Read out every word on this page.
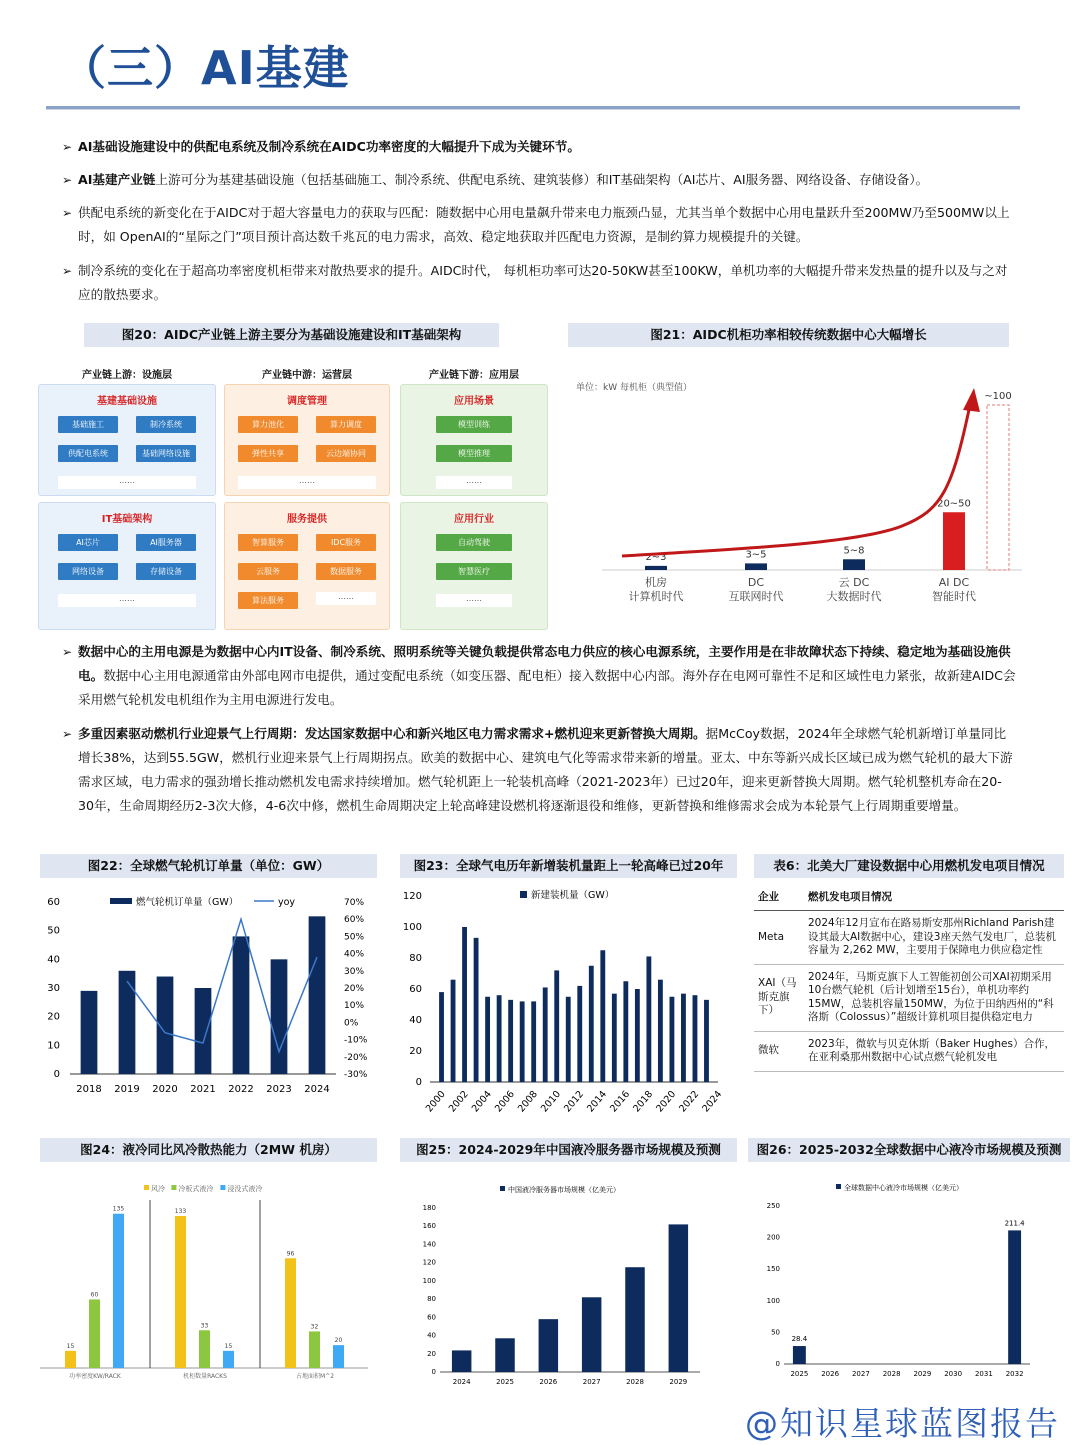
（三）AI基建
➢ AI基础设施建设中的供配电系统及制冷系统在AIDC功率密度的大幅提升下成为关键环节。
➢ AI基建产业链上游可分为基建基础设施（包括基础施工、制冷系统、供配电系统、建筑装修）和IT基础架构（AI芯片、AI服务器、网络设备、存储设备）。
➢ 供配电系统的新变化在于AIDC对于超大容量电力的获取与匹配：随数据中心用电量飙升带来电力瓶颈凸显，尤其当单个数据中心用电量跃升至200MW乃至500MW以上时，如 OpenAI的“星际之门”项目预计高达数千兆瓦的电力需求，高效、稳定地获取并匹配电力资源，是制约算力规模提升的关键。
➢ 制冷系统的变化在于超高功率密度机柜带来对散热要求的提升。AIDC时代， 每机柜功率可达20-50KW甚至100KW，单机功率的大幅提升带来发热量的提升以及与之对应的散热要求。
图20：AIDC产业链上游主要分为基础设施建设和IT基础架构
产业链上游：设施层
基建基础设施
基础施工	制冷系统
供配电系统	基础网络设施
……
IT基础架构
AI芯片	AI服务器
网络设备	存储设备
……
产业链中游：运营层
调度管理
算力池化	算力调度
弹性共享	云边端协同
……
服务提供
智算服务	IDC服务
云服务	数据服务
算法服务	……
产业链下游：应用层
应用场景
模型训练
模型推理
……
应用行业
自动驾驶
智慧医疗
……
图21：AIDC机柜功率相较传统数据中心大幅增长
单位：kW 每机柜（典型值）
2~3
机房
计算机时代
3~5
DC
互联网时代
5~8
云 DC
大数据时代
20~50
AI DC
智能时代
~100
➢ 数据中心的主用电源是为数据中心内IT设备、制冷系统、照明系统等关键负载提供常态电力供应的核心电源系统，主要作用是在非故障状态下持续、稳定地为基础设施供电。数据中心主用电源通常由外部电网市电提供，通过变配电系统（如变压器、配电柜）接入数据中心内部。海外存在电网可靠性不足和区域性电力紧张，故新建AIDC会采用燃气轮机发电机组作为主用电源进行发电。
➢ 多重因素驱动燃机行业迎景气上行周期：发达国家数据中心和新兴地区电力需求需求+燃机迎来更新替换大周期。据McCoy数据，2024年全球燃气轮机新增订单量同比增长38%，达到55.5GW，燃机行业迎来景气上行周期拐点。欧美的数据中心、建筑电气化等需求带来新的增量。亚太、中东等新兴成长区域已成为燃气轮机的最大下游需求区域，电力需求的强劲增长推动燃机发电需求持续增加。燃气轮机距上一轮装机高峰（2021-2023年）已过20年，迎来更新替换大周期。燃气轮机整机寿命在20-30年，生命周期经历2-3次大修，4-6次中修，燃机生命周期决定上轮高峰建设燃机将逐渐退役和维修，更新替换和维修需求会成为本轮景气上行周期重要增量。
图22：全球燃气轮机订单量（单位：GW）
0
10
20
30
40
50
60
-30%
-20%
-10%
0%
10%
20%
30%
40%
50%
60%
70%
2018 2019 2020 2021 2022 2023 2024
燃气轮机订单量（GW）	yoy
图23：全球气电历年新增装机量距上一轮高峰已过20年
0
20
40
60
80
100
120
2000 2002 2004 2006 2008 2010 2012 2014 2016 2018 2020 2022 2024
新建装机量（GW）
表6：北美大厂建设数据中心用燃机发电项目情况
企业	燃机发电项目情况
Meta	2024年12月宣布在路易斯安那州Richland Parish建设其最大AI数据中心，建设3座天然气发电厂，总装机容量为 2,262 MW，主要用于保障电力供应稳定性
XAI（马斯克旗下）	2024年，马斯克旗下人工智能初创公司XAI初期采用10台燃气轮机（后计划增至15台），单机功率约15MW，总装机容量150MW，为位于田纳西州的“科洛斯（Colossus）”超级计算机项目提供稳定电力
微软	2023年，微软与贝克休斯（Baker Hughes）合作，在亚利桑那州数据中心试点燃气轮机发电
图24：液冷同比风冷散热能力（2MW 机房）
风冷 冷板式液冷 浸没式液冷
15
60
135
功率密度KW/RACK
133
33
15
机柜数量RACKS
96
32
20
占地面积M^2
图25：2024-2029年中国液冷服务器市场规模及预测
0
20
40
60
80
100
120
140
160
180
2024	2025	2026	2027	2028	2029
中国液冷服务器市场规模（亿美元）
图26：2025-2032全球数据中心液冷市场规模及预测
0
50
100
150
200
250
28.4
2025 2026 2027 2028 2029 2030 2031
211.4
2032
全球数据中心液冷市场规模（亿美元）
@知识星球蓝图报告
